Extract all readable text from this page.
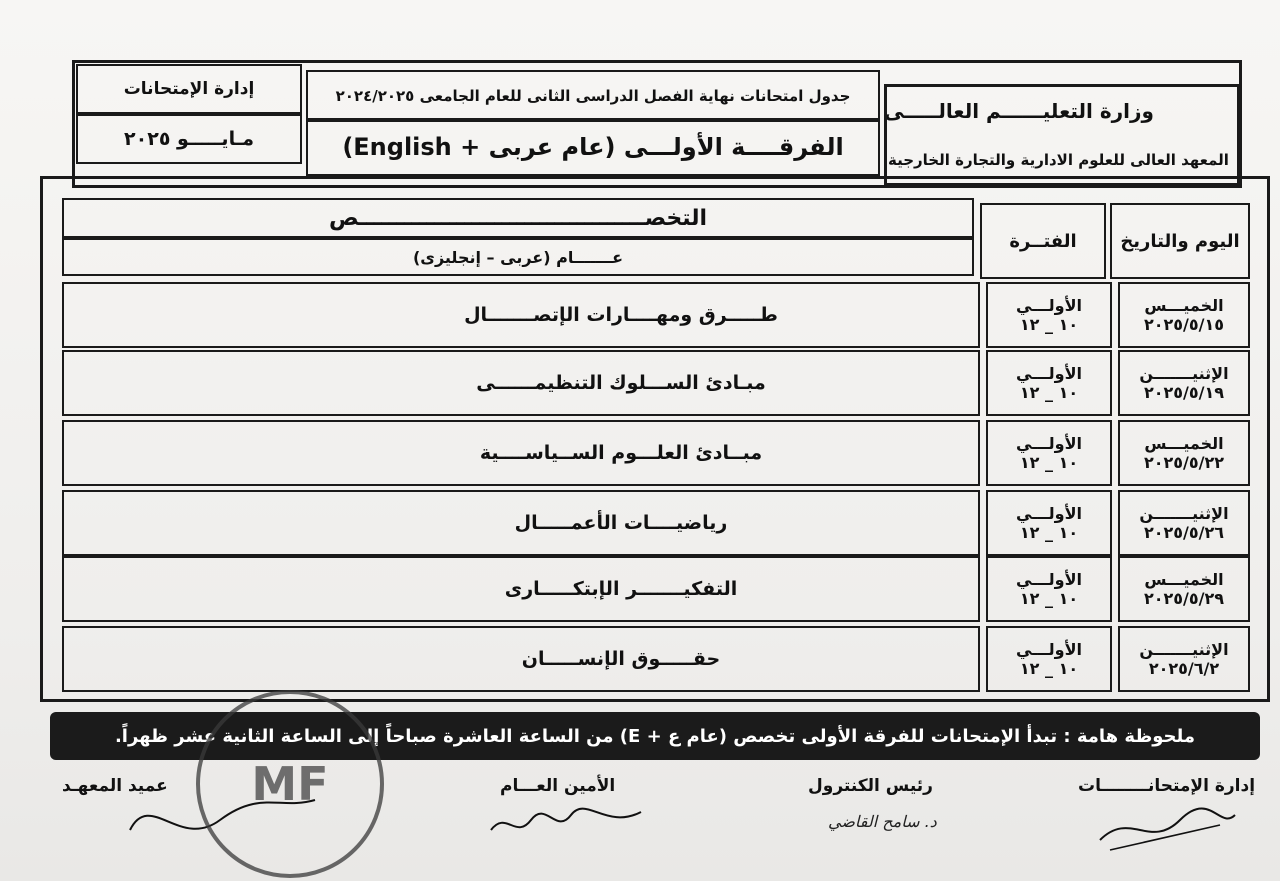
وزارة التعليــــــم العالـــــى
المعهد العالى للعلوم الادارية والتجارة الخارجية
جدول امتحانات نهاية الفصل الدراسى الثانى للعام الجامعى ٢٠٢٤/٢٠٢٥
الفرقــــة الأولـــى (عام عربى + English)
إدارة الإمتحانات
مـايـــــو ٢٠٢٥
اليوم والتاريخ
الفتــرة
التخصــــــــــــــــــــــــــــــــــــــص
عـــــــام (عربى – إنجليزى)
الخميـــس
٢٠٢٥/٥/١٥
الأولـــي
١٠ _ ١٢
طـــــرق ومهــــارات الإتصـــــــال
الإثنيـــــــن
٢٠٢٥/٥/١٩
الأولـــي
١٠ _ ١٢
مبـادئ الســـلوك التنظيمــــــى
الخميـــس
٢٠٢٥/٥/٢٢
الأولـــي
١٠ _ ١٢
مبــادئ العلـــوم الســياســــية
الإثنيـــــــن
٢٠٢٥/٥/٢٦
الأولـــي
١٠ _ ١٢
رياضيــــات الأعمـــــال
الخميـــس
٢٠٢٥/٥/٢٩
الأولـــي
١٠ _ ١٢
التفكيـــــــر الإبتكـــــارى
الإثنيـــــــن
٢٠٢٥/٦/٢
الأولـــي
١٠ _ ١٢
حقـــــوق الإنســـــان
ملحوظة هامة : تبدأ الإمتحانات للفرقة الأولى تخصص (عام ع + E) من الساعة العاشرة صباحاً إلى الساعة الثانية عشر ظهراً.
إدارة الإمتحانــــــــات
رئيس الكنترول
الأمين العـــام
عميد المعهـد
د. سامح القاضي
MF
